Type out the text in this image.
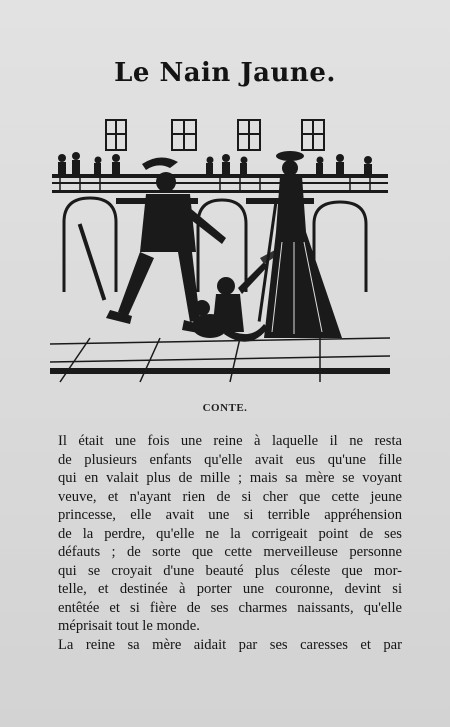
Le Nain Jaune.
CONTE.
Il était une fois une reine à laquelle il ne resta
de plusieurs enfants qu'elle avait eus qu'une fille
qui en valait plus de mille ; mais sa mère se voyant
veuve, et n'ayant rien de si cher que cette jeune
princesse, elle avait une si terrible appréhension
de la perdre, qu'elle ne la corrigeait point de ses
défauts ; de sorte que cette merveilleuse personne
qui se croyait d'une beauté plus céleste que mor-
telle, et destinée à porter une couronne, devint si
entêtée et si fière de ses charmes naissants, qu'elle
méprisait tout le monde.
La reine sa mère aidait par ses caresses et par
